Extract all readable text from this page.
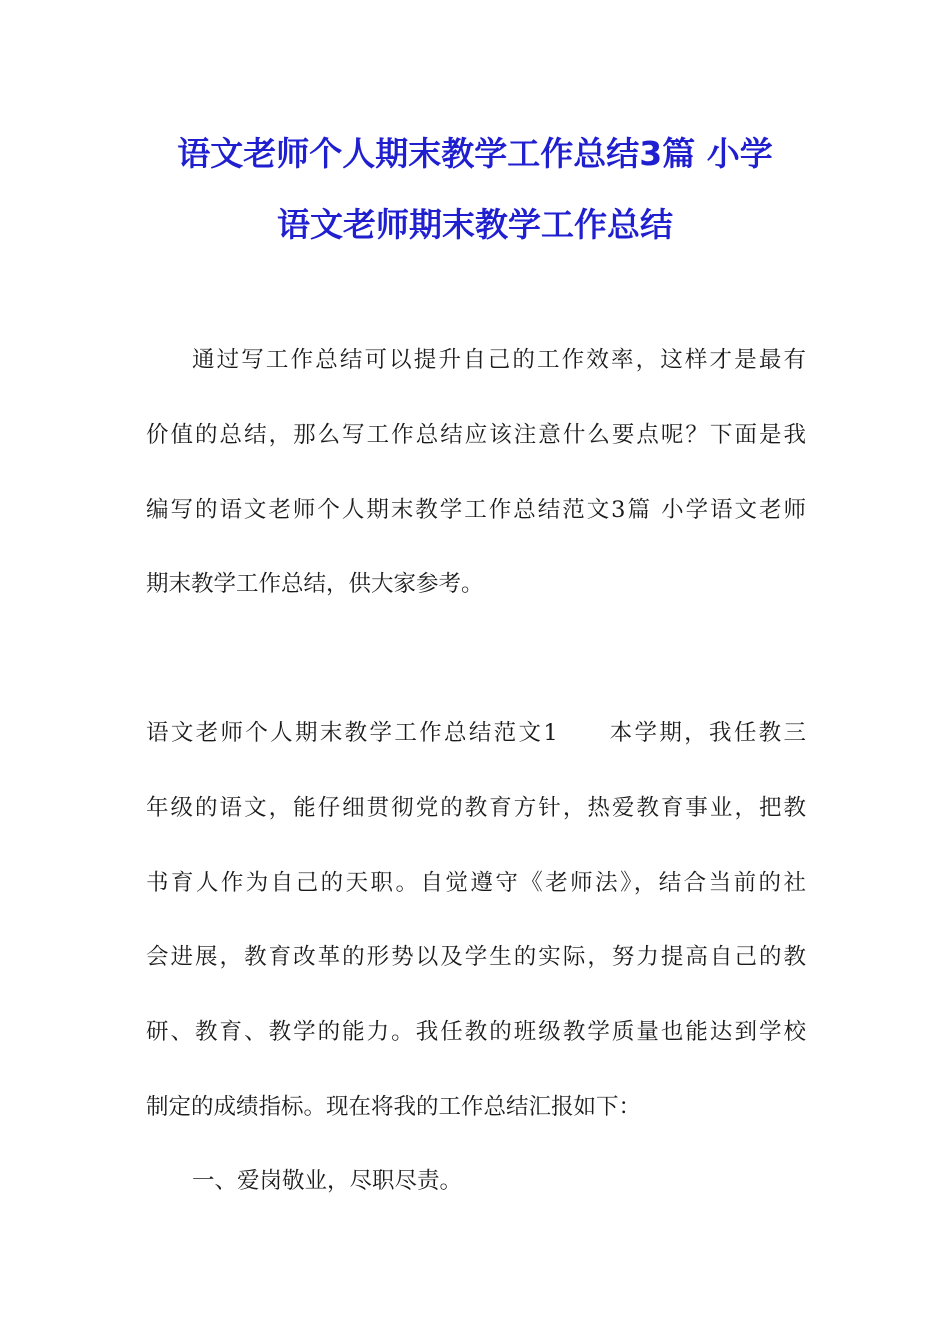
语文老师个人期末教学工作总结3篇 小学
语文老师期末教学工作总结

通过写工作总结可以提升自己的工作效率，这样才是最有

价值的总结，那么写工作总结应该注意什么要点呢？下面是我

编写的语文老师个人期末教学工作总结范文3篇 小学语文老师

期末教学工作总结，供大家参考。

语文老师个人期末教学工作总结范文1　　本学期，我任教三

年级的语文，能仔细贯彻党的教育方针，热爱教育事业，把教

书育人作为自己的天职。自觉遵守《老师法》，结合当前的社

会进展，教育改革的形势以及学生的实际，努力提高自己的教

研、教育、教学的能力。我任教的班级教学质量也能达到学校

制定的成绩指标。现在将我的工作总结汇报如下：

一、爱岗敬业，尽职尽责。
